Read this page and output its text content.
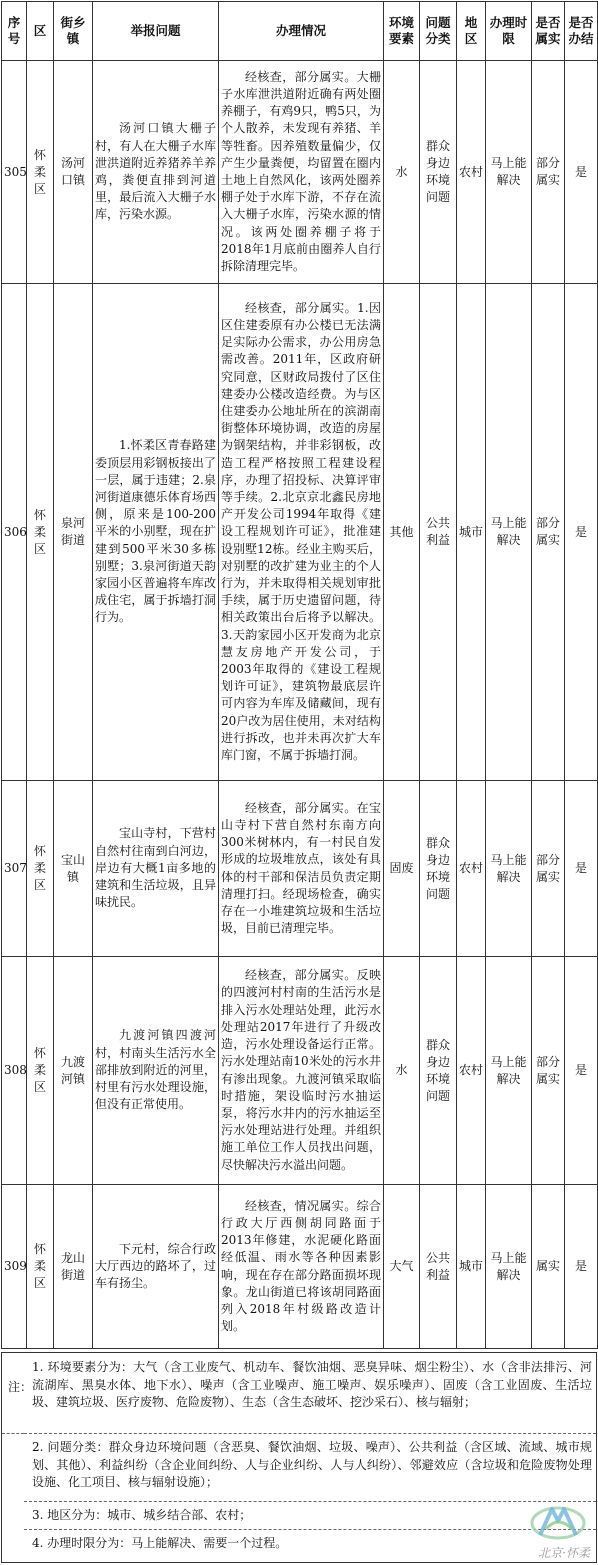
序号	区	街乡镇	举报问题	办理情况	环境要素	问题分类	地区	办理时限	是否属实	是否办结
305	怀柔区	汤河口镇	汤河口镇大栅子村，有人在大栅子水库泄洪道附近养猪养羊养鸡，粪便直排到河道里，最后流入大栅子水库，污染水源。	经核查，部分属实。大栅子水库泄洪道附近确有两处圈养棚子，有鸡9只，鸭5只，为个人散养，未发现有养猪、羊等牲畜。因养殖数量偏少，仅产生少量粪便，均留置在圈内土地上自然风化，该两处圈养棚子处于水库下游，不存在流入大栅子水库，污染水源的情况。该两处圈养棚子将于2018年1月底前由圈养人自行拆除清理完毕。	水	群众身边环境问题	农村	马上能解决	部分属实	是
306	怀柔区	泉河街道	1.怀柔区青春路建委顶层用彩钢板接出了一层，属于违建；2.泉河街道康德乐体育场西侧，原来是100-200平米的小别墅，现在扩建到500平米30多栋别墅；3.泉河街道天韵家园小区普遍将车库改成住宅，属于拆墙打洞行为。	经核查，部分属实。1.因区住建委原有办公楼已无法满足实际办公需求，办公用房急需改善。2011年，区政府研究同意，区财政局拨付了区住建委办公楼改造经费。为与区住建委办公地址所在的滨湖南街整体环境协调，改造的房屋为钢架结构，并非彩钢板，改造工程严格按照工程建设程序，办理了招投标、决算评审等手续。2.北京京北鑫民房地产开发公司1994年取得《建设工程规划许可证》，批准建设别墅12栋。经业主购买后，对别墅的改扩建为业主的个人行为，并未取得相关规划审批手续，属于历史遗留问题，待相关政策出台后将予以解决。3.天韵家园小区开发商为北京慧友房地产开发公司，于2003年取得的《建设工程规划许可证》，建筑物最底层许可内容为车库及储藏间，现有20户改为居住使用，未对结构进行拆改，也并未再次扩大车库门窗，不属于拆墙打洞。	其他	公共利益	城市	马上能解决	部分属实	是
307	怀柔区	宝山镇	宝山寺村，下营村自然村往南到白河边，岸边有大概1亩多地的建筑和生活垃圾，且异味扰民。	经核查，部分属实。在宝山寺村下营自然村东南方向300米树林内，有一村民自发形成的垃圾堆放点，该处有具体的村干部和保洁员负责定期清理打扫。经现场检查，确实存在一小堆建筑垃圾和生活垃圾，目前已清理完毕。	固废	群众身边环境问题	农村	马上能解决	部分属实	是
308	怀柔区	九渡河镇	九渡河镇四渡河村，村南头生活污水全部排放到附近的河里，村里有污水处理设施，但没有正常使用。	经核查，部分属实。反映的四渡河村村南的生活污水是排入污水处理站处理，此污水处理站2017年进行了升级改造，污水处理设备运行正常。污水处理站南10米处的污水井有渗出现象。九渡河镇采取临时措施，架设临时污水抽运泵，将污水井内的污水抽运至污水处理站进行处理。并组织施工单位工作人员找出问题，尽快解决污水溢出问题。	水	群众身边环境问题	农村	马上能解决	部分属实	是
309	怀柔区	龙山街道	下元村，综合行政大厅西边的路坏了，过车有扬尘。	经核查，情况属实。综合行政大厅西侧胡同路面于2013年修建，水泥硬化路面经低温、雨水等各种因素影响，现在存在部分路面损坏现象。龙山街道已将该胡同路面列入2018年村级路改造计划。	大气	公共利益	城市	马上能解决	属实	是
注：
1. 环境要素分为：大气（含工业废气、机动车、餐饮油烟、恶臭异味、烟尘粉尘）、水（含非法排污、河流湖库、黑臭水体、地下水）、噪声（含工业噪声、施工噪声、娱乐噪声）、固废（含工业固废、生活垃圾、建筑垃圾、医疗废物、危险废物）、生态（含生态破坏、挖沙采石）、核与辐射；
2. 问题分类：群众身边环境问题（含恶臭、餐饮油烟、垃圾、噪声）、公共利益（含区域、流域、城市规划、其他）、利益纠纷（含企业间纠纷、人与企业纠纷、人与人纠纷）、邻避效应（含垃圾和危险废物处理设施、化工项目、核与辐射设施）；
3. 地区分为：城市、城乡结合部、农村；
4. 办理时限分为：马上能解决、需要一个过程。
北京·怀柔
